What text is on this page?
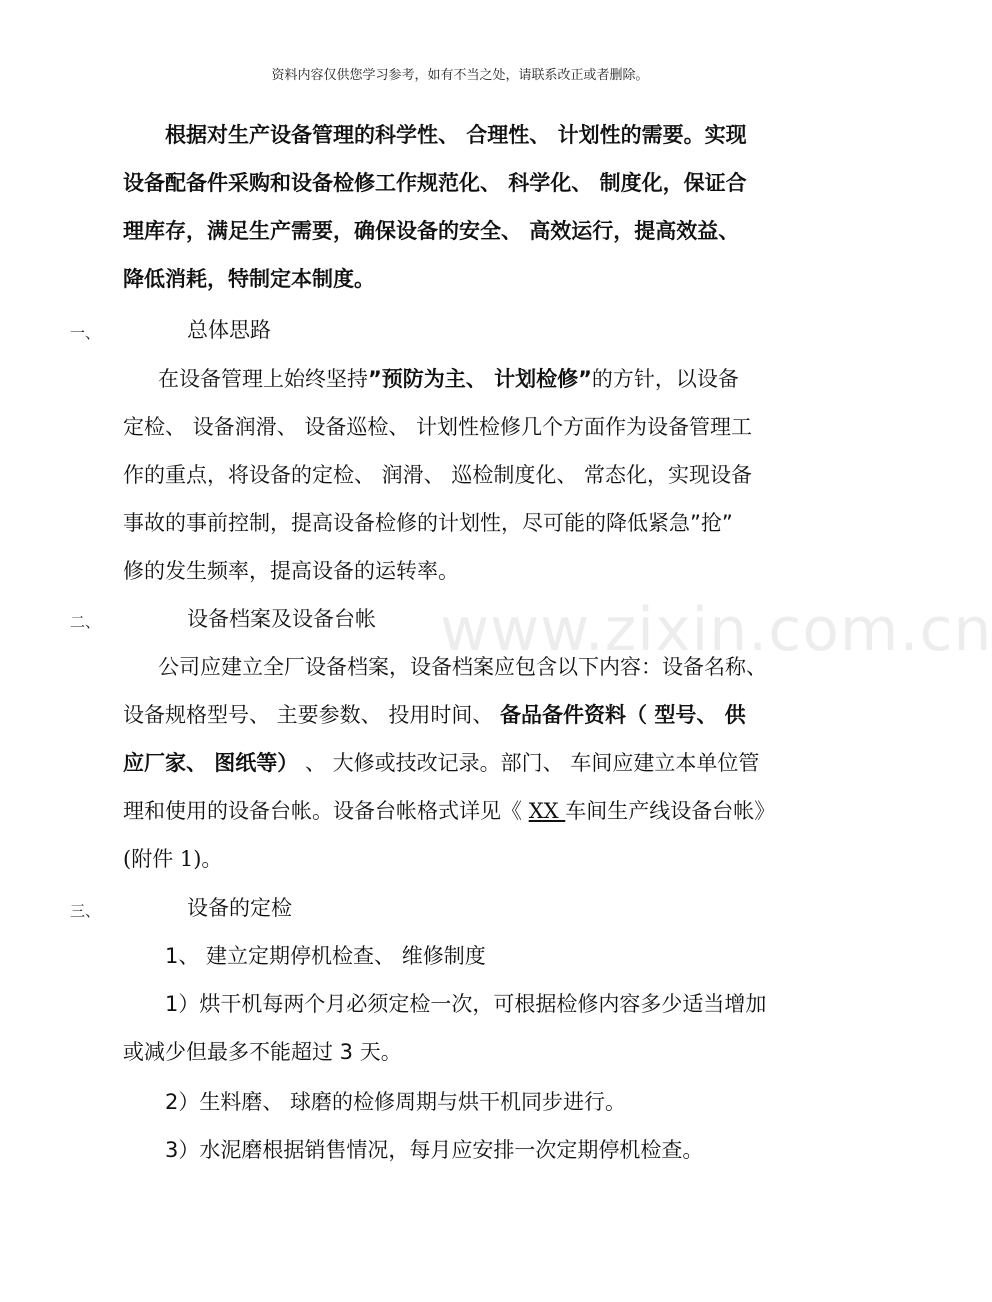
资料内容仅供您学习参考，如有不当之处，请联系改正或者删除。
www.zixin.com.cn
根据对生产设备管理的科学性、 合理性、 计划性的需要。实现
设备配备件采购和设备检修工作规范化、 科学化、 制度化，保证合
理库存，满足生产需要，确保设备的安全、 高效运行，提高效益、
降低消耗，特制定本制度。
一、	总体思路
在设备管理上始终坚持”预防为主、 计划检修”的方针，以设备
定检、 设备润滑、 设备巡检、 计划性检修几个方面作为设备管理工
作的重点，将设备的定检、 润滑、 巡检制度化、 常态化，实现设备
事故的事前控制，提高设备检修的计划性，尽可能的降低紧急”抢”
修的发生频率，提高设备的运转率。
二、	设备档案及设备台帐
公司应建立全厂设备档案，设备档案应包含以下内容：设备名称、
设备规格型号、 主要参数、 投用时间、 备品备件资料（ 型号、 供
应厂家、 图纸等） 、 大修或技改记录。部门、 车间应建立本单位管
理和使用的设备台帐。设备台帐格式详见《 XX 车间生产线设备台帐》
(附件 1)。
三、	设备的定检
1、 建立定期停机检查、 维修制度
1）烘干机每两个月必须定检一次，可根据检修内容多少适当增加
或减少但最多不能超过 3 天。
2）生料磨、 球磨的检修周期与烘干机同步进行。
3）水泥磨根据销售情况，每月应安排一次定期停机检查。
